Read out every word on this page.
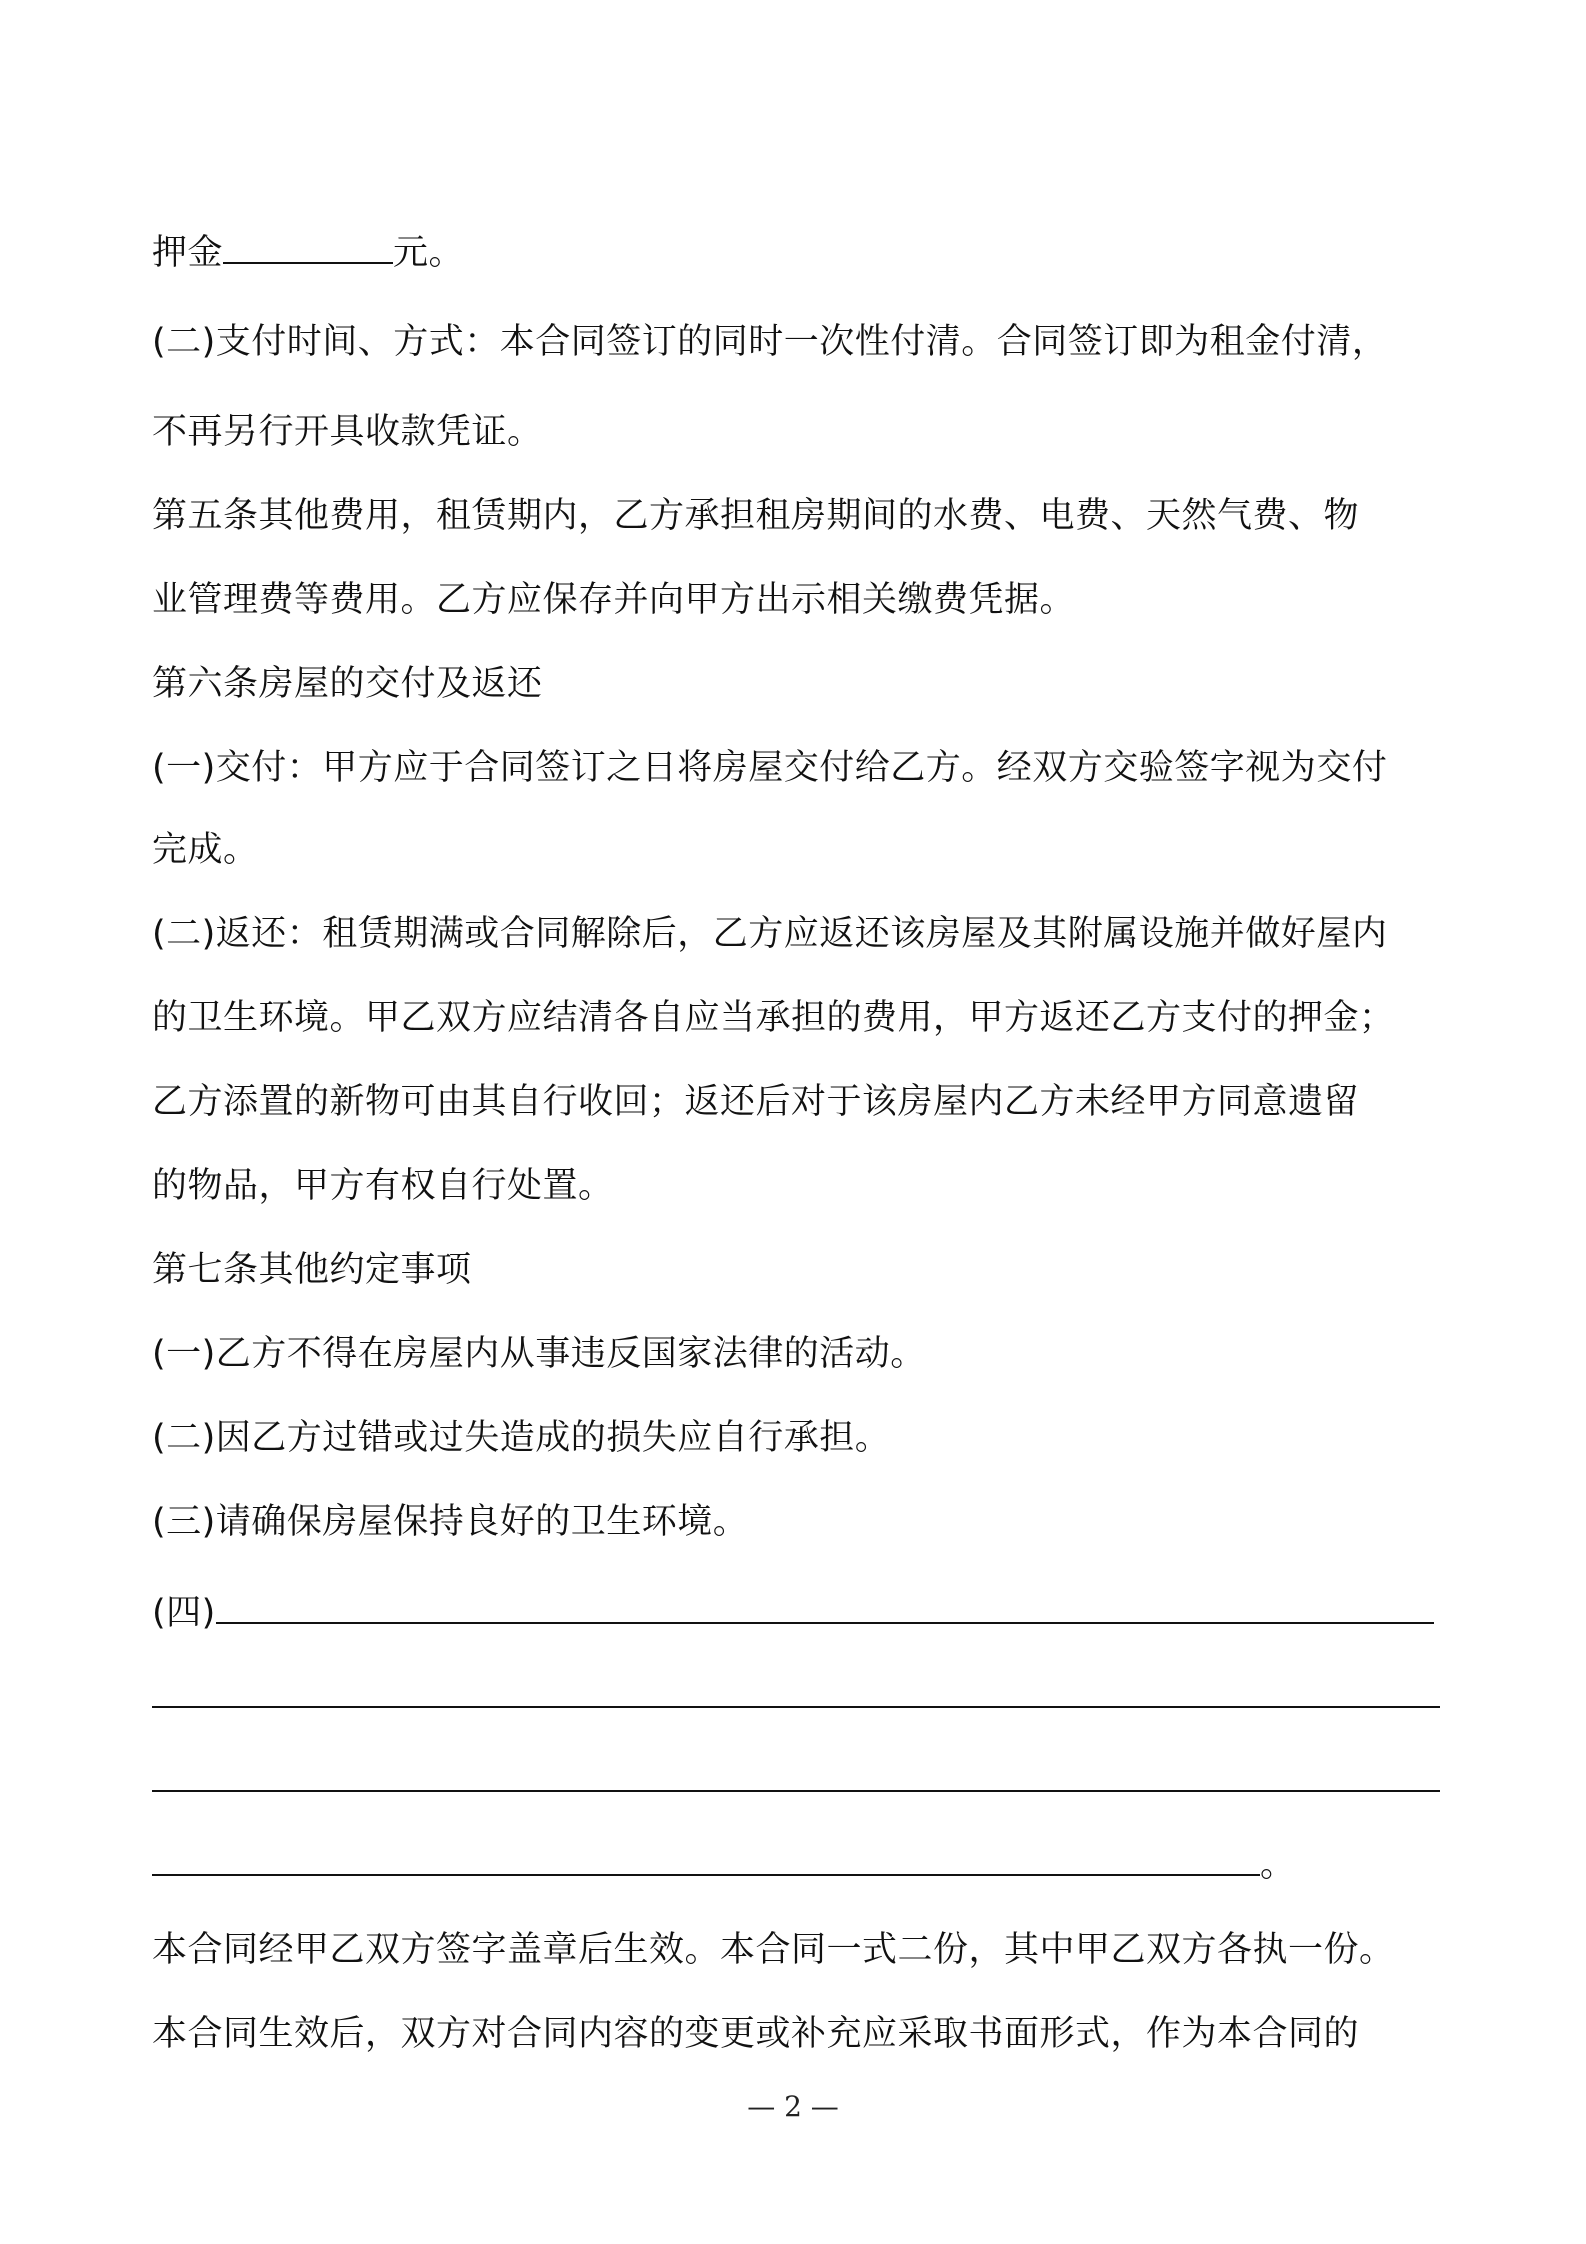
押金	元。
(二)支付时间、方式：本合同签订的同时一次性付清。合同签订即为租金付清，
不再另行开具收款凭证。
第五条其他费用，租赁期内，乙方承担租房期间的水费、电费、天然气费、物
业管理费等费用。乙方应保存并向甲方出示相关缴费凭据。
第六条房屋的交付及返还
(一)交付：甲方应于合同签订之日将房屋交付给乙方。经双方交验签字视为交付
完成。
(二)返还：租赁期满或合同解除后，乙方应返还该房屋及其附属设施并做好屋内
的卫生环境。甲乙双方应结清各自应当承担的费用，甲方返还乙方支付的押金；
乙方添置的新物可由其自行收回；返还后对于该房屋内乙方未经甲方同意遗留
的物品，甲方有权自行处置。
第七条其他约定事项
(一)乙方不得在房屋内从事违反国家法律的活动。
(二)因乙方过错或过失造成的损失应自行承担。
(三)请确保房屋保持良好的卫生环境。
(四)
。
本合同经甲乙双方签字盖章后生效。本合同一式二份，其中甲乙双方各执一份。
本合同生效后，双方对合同内容的变更或补充应采取书面形式，作为本合同的
— 2 —
